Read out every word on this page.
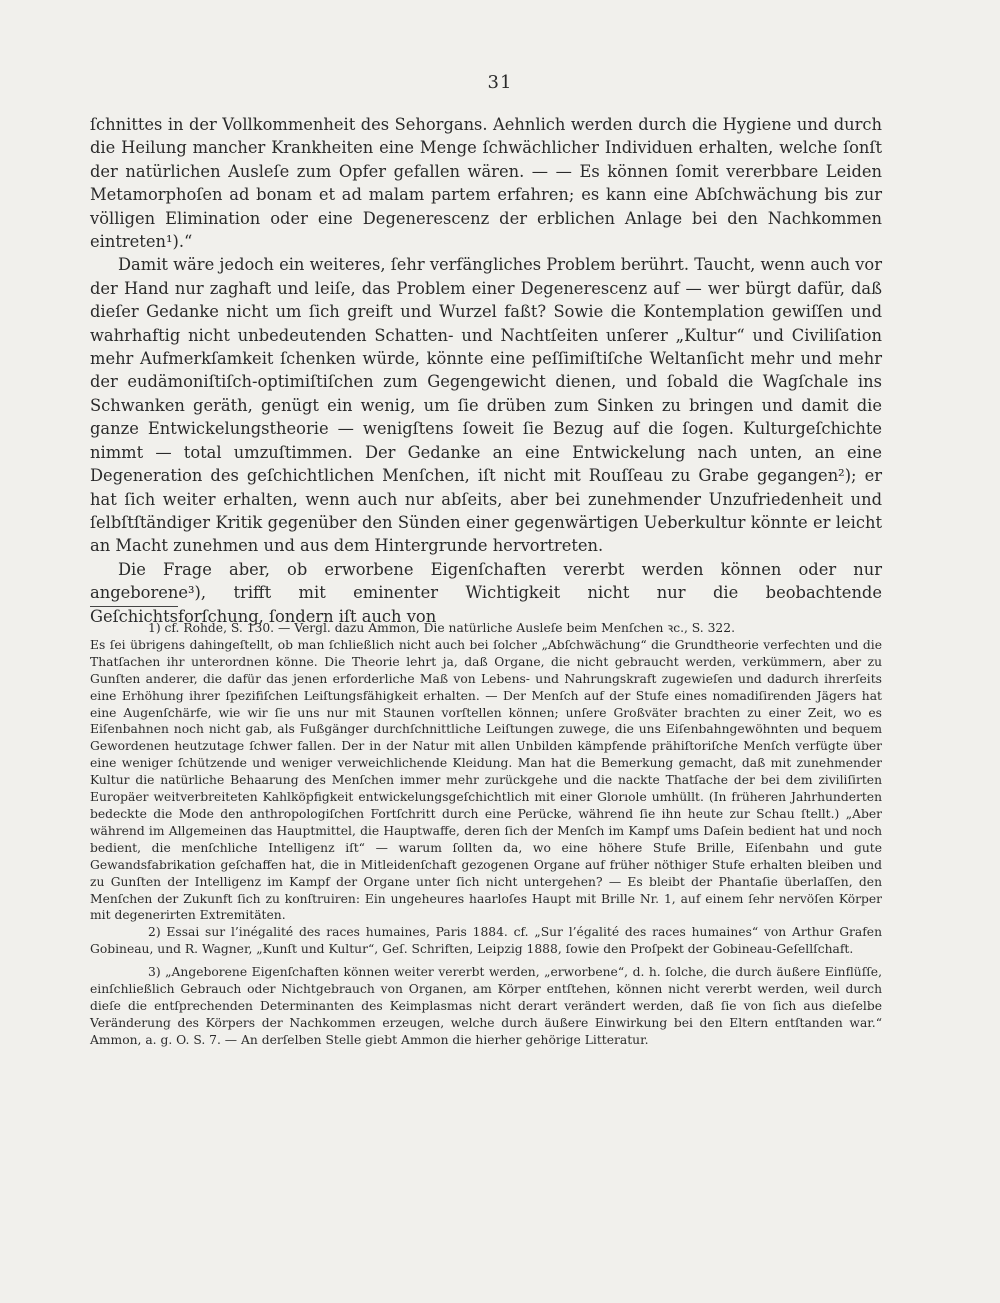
31

ſchnittes in der Vollkommenheit des Sehorgans. Aehnlich werden durch die Hygiene und durch die Heilung mancher Krankheiten eine Menge ſchwächlicher Individuen erhalten, welche ſonſt der natürlichen Ausleſe zum Opfer gefallen wären. — — Es können ſomit vererbbare Leiden Metamorphoſen ad bonam et ad malam partem erfahren; es kann eine Abſchwächung bis zur völligen Elimination oder eine Degenerescenz der erblichen Anlage bei den Nachkommen eintreten¹).“

Damit wäre jedoch ein weiteres, ſehr verfängliches Problem berührt. Taucht, wenn auch vor der Hand nur zaghaft und leiſe, das Problem einer Degenerescenz auf — wer bürgt dafür, daß dieſer Gedanke nicht um ſich greift und Wurzel faßt? Sowie die Kontemplation gewiſſen und wahrhaftig nicht unbedeutenden Schatten- und Nachtſeiten unſerer „Kultur“ und Civiliſation mehr Aufmerkſamkeit ſchenken würde, könnte eine peſſimiſtiſche Weltanſicht mehr und mehr der eudämoniſtiſch-optimiſtiſchen zum Gegengewicht dienen, und ſobald die Wagſchale ins Schwanken geräth, genügt ein wenig, um ſie drüben zum Sinken zu bringen und damit die ganze Entwickelungstheorie — wenigſtens ſoweit ſie Bezug auf die ſogen. Kulturgeſchichte nimmt — total umzuſtimmen. Der Gedanke an eine Entwickelung nach unten, an eine Degeneration des geſchichtlichen Menſchen, iſt nicht mit Rouſſeau zu Grabe gegangen²); er hat ſich weiter erhalten, wenn auch nur abſeits, aber bei zunehmender Unzufriedenheit und ſelbſtſtändiger Kritik gegenüber den Sünden einer gegenwärtigen Ueberkultur könnte er leicht an Macht zunehmen und aus dem Hintergrunde hervortreten.

Die Frage aber, ob erworbene Eigenſchaften vererbt werden können oder nur angeborene³), trifft mit eminenter Wichtigkeit nicht nur die beobachtende Geſchichtsforſchung, ſondern iſt auch von

1) cf. Rohde, S. 130. — Vergl. dazu Ammon, Die natürliche Ausleſe beim Menſchen ꝛc., S. 322.

Es ſei übrigens dahingeſtellt, ob man ſchließlich nicht auch bei ſolcher „Abſchwächung“ die Grundtheorie verfechten und die Thatſachen ihr unterordnen könne. Die Theorie lehrt ja, daß Organe, die nicht gebraucht werden, verkümmern, aber zu Gunſten anderer, die dafür das jenen erforderliche Maß von Lebens- und Nahrungskraft zugewieſen und dadurch ihrerſeits eine Erhöhung ihrer ſpezifiſchen Leiſtungsfähigkeit erhalten. — Der Menſch auf der Stufe eines nomadiſirenden Jägers hat eine Augenſchärfe, wie wir ſie uns nur mit Staunen vorſtellen können; unſere Großväter brachten zu einer Zeit, wo es Eiſenbahnen noch nicht gab, als Fußgänger durchſchnittliche Leiſtungen zuwege, die uns Eiſenbahngewöhnten und bequem Gewordenen heutzutage ſchwer fallen. Der in der Natur mit allen Unbilden kämpfende prähiſtoriſche Menſch verfügte über eine weniger ſchützende und weniger verweichlichende Kleidung. Man hat die Bemerkung gemacht, daß mit zunehmender Kultur die natürliche Behaarung des Menſchen immer mehr zurückgehe und die nackte Thatſache der bei dem ziviliſirten Europäer weitverbreiteten Kahlköpfigkeit entwickelungsgeſchichtlich mit einer Glorıole umhüllt. (In früheren Jahrhunderten bedeckte die Mode den anthropologiſchen Fortſchritt durch eine Perücke, während ſie ihn heute zur Schau ſtellt.) „Aber während im Allgemeinen das Hauptmittel, die Hauptwaffe, deren ſich der Menſch im Kampf ums Daſein bedient hat und noch bedient, die menſchliche Intelligenz iſt“ — warum ſollten da, wo eine höhere Stufe Brille, Eiſenbahn und gute Gewandsfabrikation geſchaffen hat, die in Mitleidenſchaft gezogenen Organe auf früher nöthiger Stufe erhalten bleiben und zu Gunſten der Intelligenz im Kampf der Organe unter ſich nicht untergehen? — Es bleibt der Phantaſie überlaſſen, den Menſchen der Zukunft ſich zu konſtruiren: Ein ungeheures haarloſes Haupt mit Brille Nr. 1, auf einem ſehr nervöſen Körper mit degenerirten Extremitäten.

2) Essai sur l’inégalité des races humaines, Paris 1884. cf. „Sur l’égalité des races humaines“ von Arthur Grafen Gobineau, und R. Wagner, „Kunſt und Kultur“, Geſ. Schriften, Leipzig 1888, ſowie den Proſpekt der Gobineau-Geſellſchaft.

3) „Angeborene Eigenſchaften können weiter vererbt werden, „erworbene“, d. h. ſolche, die durch äußere Einflüſſe, einſchließlich Gebrauch oder Nichtgebrauch von Organen, am Körper entſtehen, können nicht vererbt werden, weil durch dieſe die entſprechenden Determinanten des Keimplasmas nicht derart verändert werden, daß ſie von ſich aus dieſelbe Veränderung des Körpers der Nachkommen erzeugen, welche durch äußere Einwirkung bei den Eltern entſtanden war.“ Ammon, a. g. O. S. 7. — An derſelben Stelle giebt Ammon die hierher gehörige Litteratur.
